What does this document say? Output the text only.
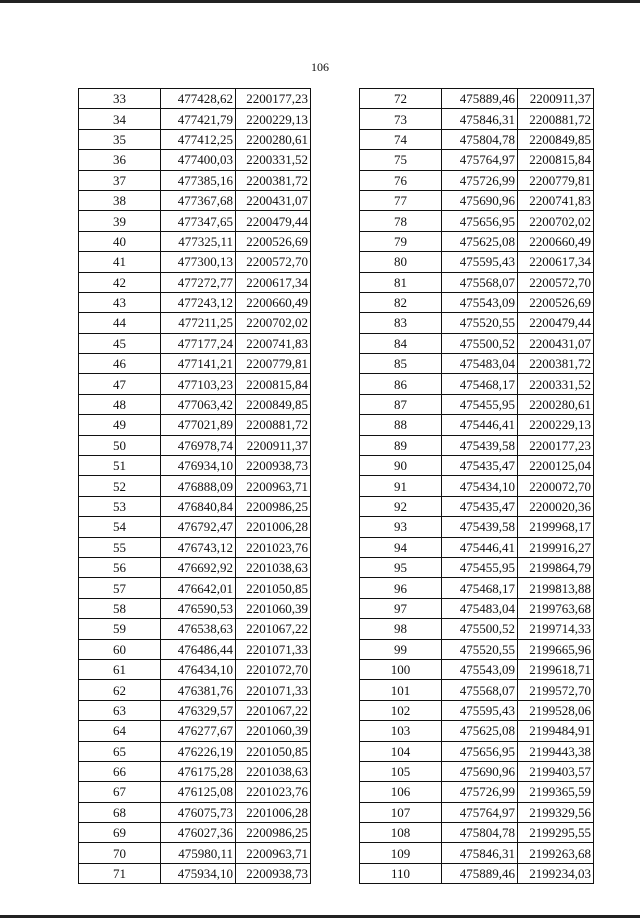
106
33	477428,62	2200177,23
34	477421,79	2200229,13
35	477412,25	2200280,61
36	477400,03	2200331,52
37	477385,16	2200381,72
38	477367,68	2200431,07
39	477347,65	2200479,44
40	477325,11	2200526,69
41	477300,13	2200572,70
42	477272,77	2200617,34
43	477243,12	2200660,49
44	477211,25	2200702,02
45	477177,24	2200741,83
46	477141,21	2200779,81
47	477103,23	2200815,84
48	477063,42	2200849,85
49	477021,89	2200881,72
50	476978,74	2200911,37
51	476934,10	2200938,73
52	476888,09	2200963,71
53	476840,84	2200986,25
54	476792,47	2201006,28
55	476743,12	2201023,76
56	476692,92	2201038,63
57	476642,01	2201050,85
58	476590,53	2201060,39
59	476538,63	2201067,22
60	476486,44	2201071,33
61	476434,10	2201072,70
62	476381,76	2201071,33
63	476329,57	2201067,22
64	476277,67	2201060,39
65	476226,19	2201050,85
66	476175,28	2201038,63
67	476125,08	2201023,76
68	476075,73	2201006,28
69	476027,36	2200986,25
70	475980,11	2200963,71
71	475934,10	2200938,73
72	475889,46	2200911,37
73	475846,31	2200881,72
74	475804,78	2200849,85
75	475764,97	2200815,84
76	475726,99	2200779,81
77	475690,96	2200741,83
78	475656,95	2200702,02
79	475625,08	2200660,49
80	475595,43	2200617,34
81	475568,07	2200572,70
82	475543,09	2200526,69
83	475520,55	2200479,44
84	475500,52	2200431,07
85	475483,04	2200381,72
86	475468,17	2200331,52
87	475455,95	2200280,61
88	475446,41	2200229,13
89	475439,58	2200177,23
90	475435,47	2200125,04
91	475434,10	2200072,70
92	475435,47	2200020,36
93	475439,58	2199968,17
94	475446,41	2199916,27
95	475455,95	2199864,79
96	475468,17	2199813,88
97	475483,04	2199763,68
98	475500,52	2199714,33
99	475520,55	2199665,96
100	475543,09	2199618,71
101	475568,07	2199572,70
102	475595,43	2199528,06
103	475625,08	2199484,91
104	475656,95	2199443,38
105	475690,96	2199403,57
106	475726,99	2199365,59
107	475764,97	2199329,56
108	475804,78	2199295,55
109	475846,31	2199263,68
110	475889,46	2199234,03
